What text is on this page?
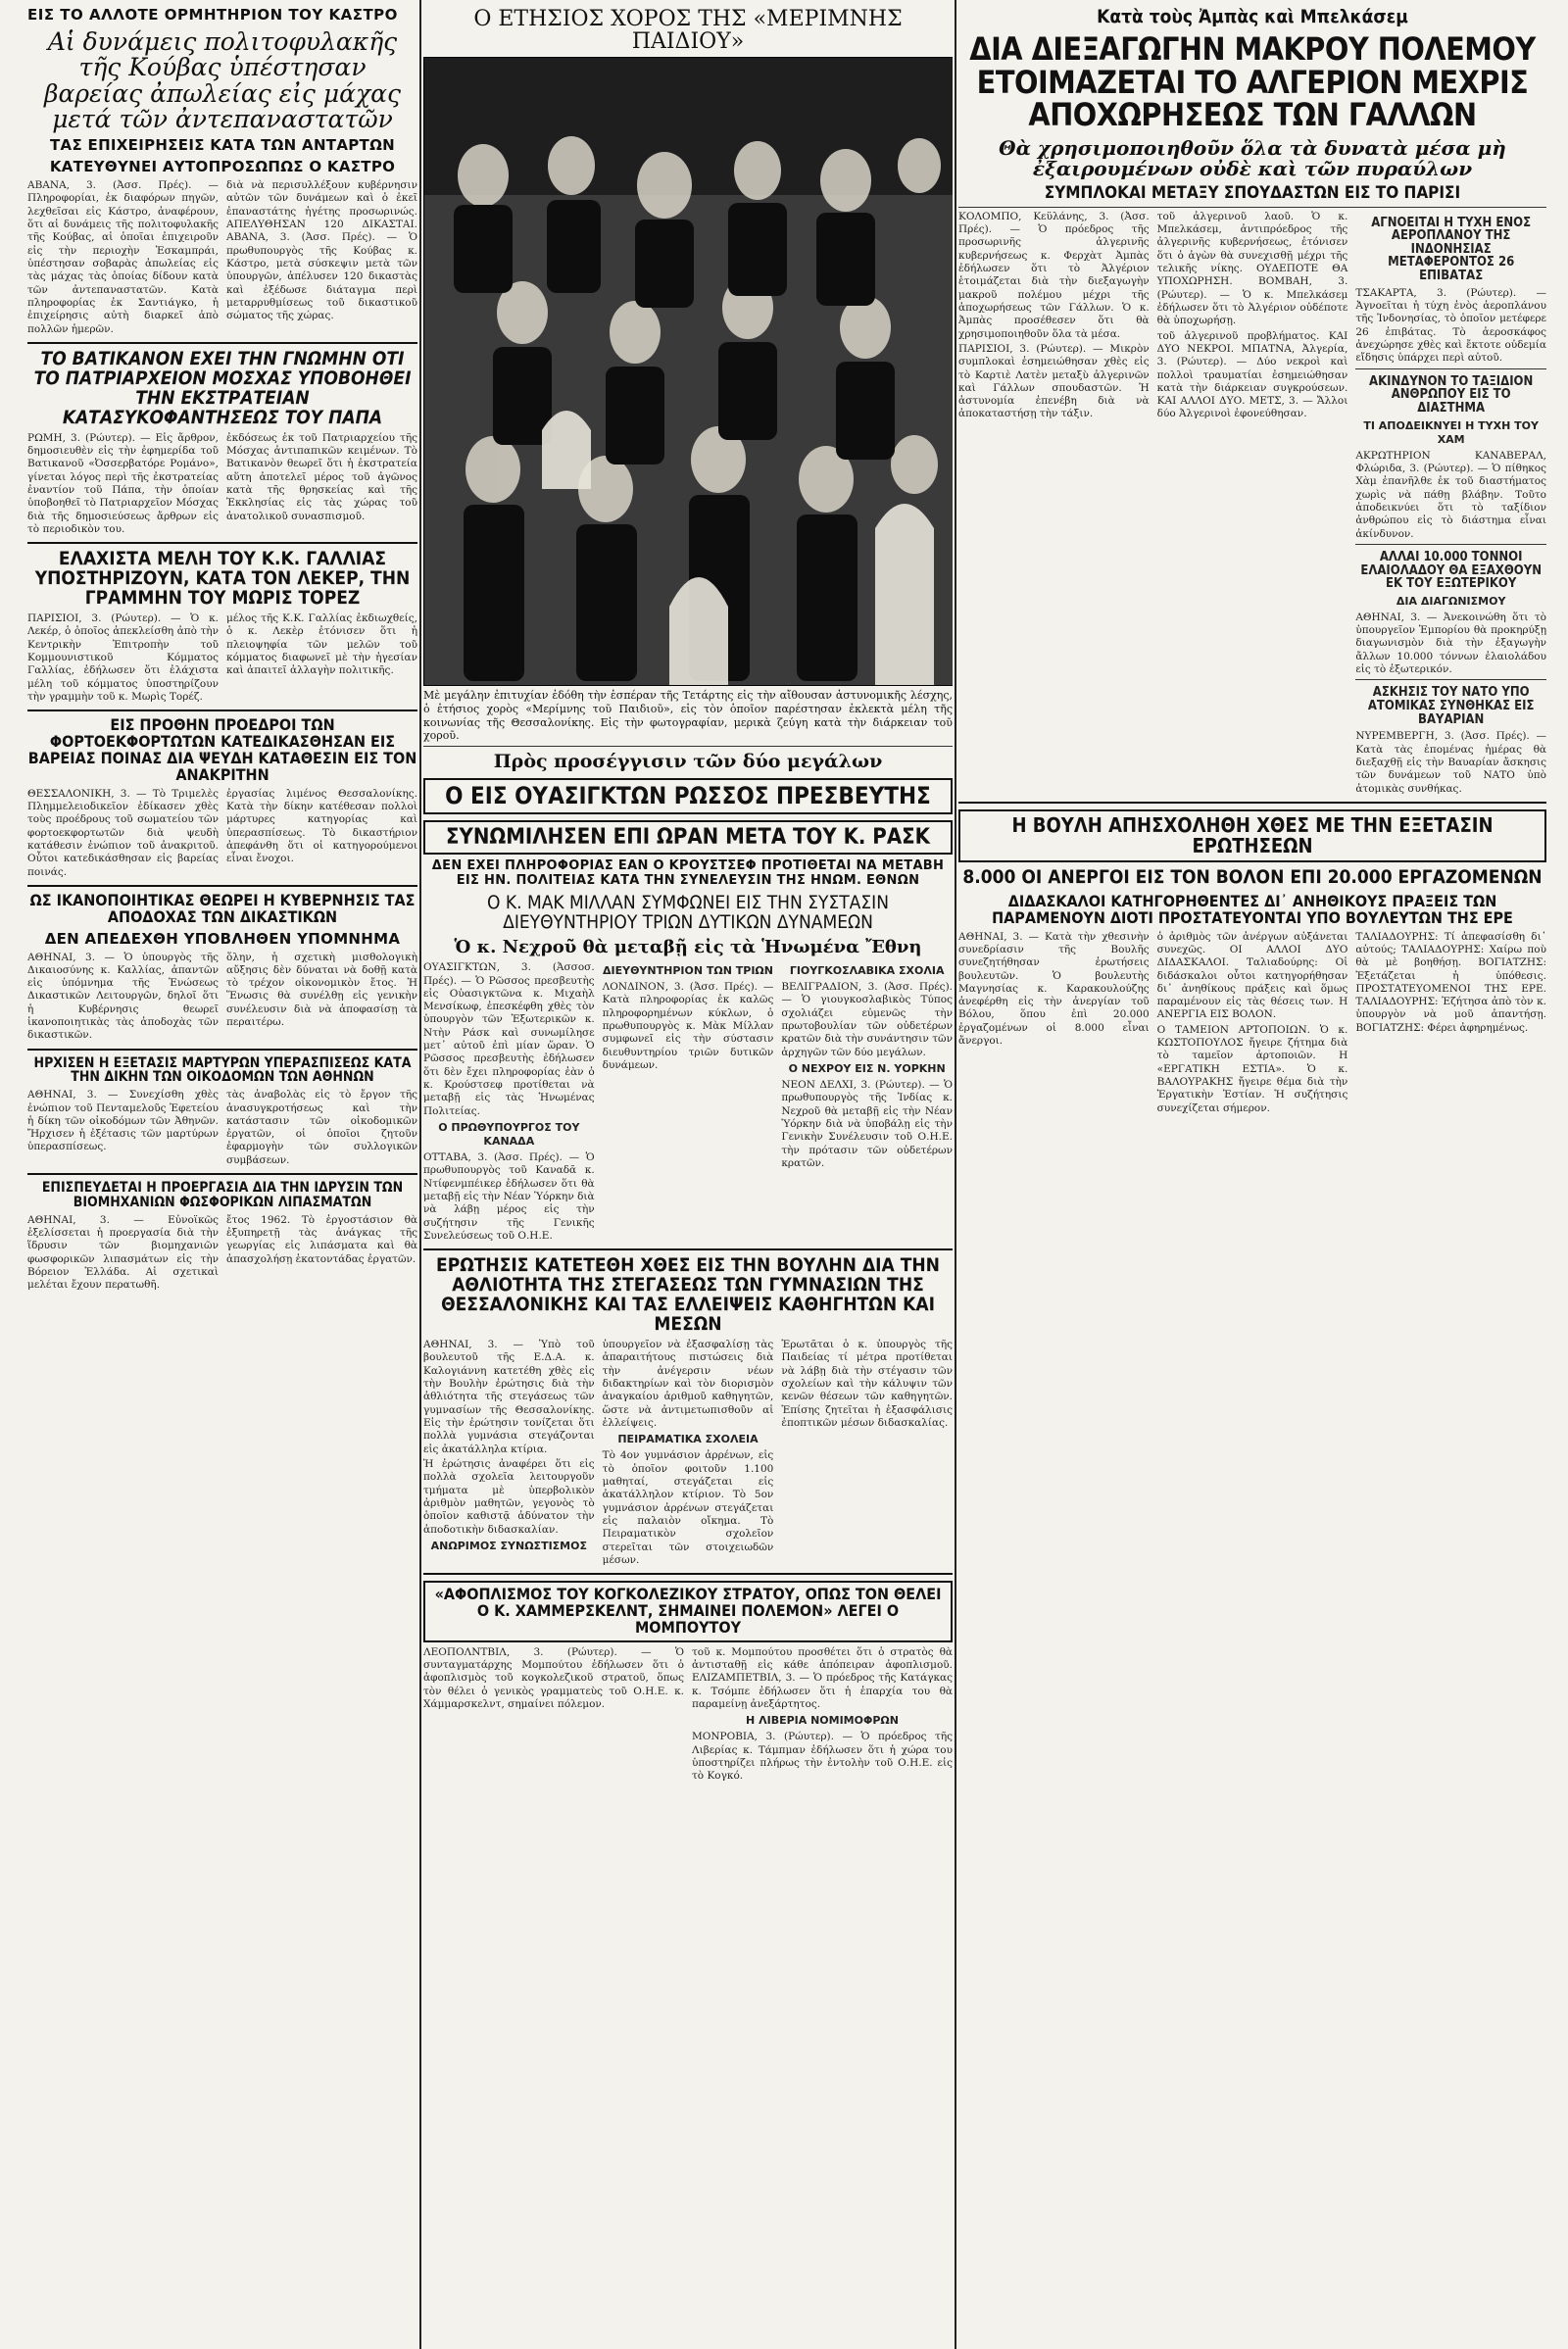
ΕΙΣ ΤΟ ΑΛΛΟΤΕ ΟΡΜΗΤΗΡΙΟΝ ΤΟΥ ΚΑΣΤΡΟ
Αἱ δυνάμεις πολιτοφυλακῆς τῆς Κούβας ὑπέστησαν βαρείας ἀπωλείας εἰς μάχας μετά τῶν ἀντεπαναστατῶν
ΤΑΣ ΕΠΙΧΕΙΡΗΣΕΙΣ ΚΑΤΑ ΤΩΝ ΑΝΤΑΡΤΩΝ
ΚΑΤΕΥΘΥΝΕΙ ΑΥΤΟΠΡΟΣΩΠΩΣ Ο ΚΑΣΤΡΟ
ΑΒΑΝΑ, 3. (Ἀσσ. Πρές). — Πληροφορίαι, ἐκ διαφόρων πηγῶν, λεχθεῖσαι εἰς Κάστρο, ἀναφέρουν, ὅτι αἱ δυνάμεις τῆς πολιτοφυλακῆς τῆς Κούβας, αἱ ὁποῖαι ἐπιχειροῦν εἰς τὴν περιοχὴν Ἐσκαμπράι, ὑπέστησαν σοβαρὰς ἀπωλείας εἰς τὰς μάχας τὰς ὁποίας δίδουν κατὰ τῶν ἀντεπαναστατῶν. Κατὰ πληροφορίας ἐκ Σαντιάγκο, ἡ ἐπιχείρησις αὐτὴ διαρκεῖ ἀπὸ πολλῶν ἡμερῶν.
διὰ νὰ περισυλλέξουν κυβέρνησιν αὐτῶν τῶν δυνάμεων καὶ ὁ ἐκεῖ ἐπαναστάτης ἡγέτης προσωρινώς. ΑΠΕΛΥΘΗΣΑΝ 120 ΔΙΚΑΣΤΑΙ. ΑΒΑΝΑ, 3. (Ἀσσ. Πρές). — Ὁ πρωθυπουργὸς τῆς Κούβας κ. Κάστρο, μετὰ σύσκεψιν μετὰ τῶν ὑπουργῶν, ἀπέλυσεν 120 δικαστὰς καὶ ἐξέδωσε διάταγμα περὶ μεταρρυθμίσεως τοῦ δικαστικοῦ σώματος τῆς χώρας.
ΤΟ ΒΑΤΙΚΑΝΟΝ ΕΧΕΙ ΤΗΝ ΓΝΩΜΗΝ ΟΤΙ ΤΟ ΠΑΤΡΙΑΡΧΕΙΟΝ ΜΟΣΧΑΣ ΥΠΟΒΟΗΘΕΙ ΤΗΝ ΕΚΣΤΡΑΤΕΙΑΝ ΚΑΤΑΣΥΚΟΦΑΝΤΗΣΕΩΣ ΤΟΥ ΠΑΠΑ
ΡΩΜΗ, 3. (Ρώυτερ). — Εἰς ἄρθρον, δημοσιευθὲν εἰς τὴν ἐφημερίδα τοῦ Βατικανοῦ «Ὀσσερβατόρε Ρομάνο», γίνεται λόγος περὶ τῆς ἐκστρατείας ἐναντίον τοῦ Πάπα, τὴν ὁποίαν ὑποβοηθεῖ τὸ Πατριαρχεῖον Μόσχας διὰ τῆς δημοσιεύσεως ἄρθρων εἰς τὸ περιοδικὸν του.
ἐκδόσεως ἐκ τοῦ Πατριαρχείου τῆς Μόσχας ἀντιπαπικῶν κειμένων. Τὸ Βατικανὸν θεωρεῖ ὅτι ἡ ἐκστρατεία αὕτη ἀποτελεῖ μέρος τοῦ ἀγῶνος κατὰ τῆς θρησκείας καὶ τῆς Ἐκκλησίας εἰς τὰς χώρας τοῦ ἀνατολικοῦ συνασπισμοῦ.
ΕΛΑΧΙΣΤΑ ΜΕΛΗ ΤΟΥ Κ.Κ. ΓΑΛΛΙΑΣ ΥΠΟΣΤΗΡΙΖΟΥΝ, ΚΑΤΑ ΤΟΝ ΛΕΚΕΡ, ΤΗΝ ΓΡΑΜΜΗΝ ΤΟΥ ΜΩΡΙΣ ΤΟΡΕΖ
ΠΑΡΙΣΙΟΙ, 3. (Ρώυτερ). — Ὁ κ. Λεκέρ, ὁ ὁποῖος ἀπεκλείσθη ἀπὸ τὴν Κεντρικὴν Ἐπιτροπὴν τοῦ Κομμουνιστικοῦ Κόμματος Γαλλίας, ἐδήλωσεν ὅτι ἐλάχιστα μέλη τοῦ κόμματος ὑποστηρίζουν τὴν γραμμὴν τοῦ κ. Μωρὶς Τορέζ.
μέλος τῆς Κ.Κ. Γαλλίας ἐκδιωχθείς, ὁ κ. Λεκὲρ ἐτόνισεν ὅτι ἡ πλειοψηφία τῶν μελῶν τοῦ κόμματος διαφωνεῖ μὲ τὴν ἡγεσίαν καὶ ἀπαιτεῖ ἀλλαγὴν πολιτικῆς.
ΕΙΣ ΠΡΟΘΗΝ ΠΡΟΕΔΡΟΙ ΤΩΝ ΦΟΡΤΟΕΚΦΟΡΤΩΤΩΝ ΚΑΤΕΔΙΚΑΣΘΗΣΑΝ ΕΙΣ ΒΑΡΕΙΑΣ ΠΟΙΝΑΣ ΔΙΑ ΨΕΥΔΗ ΚΑΤΑΘΕΣΙΝ ΕΙΣ ΤΟΝ ΑΝΑΚΡΙΤΗΝ
ΘΕΣΣΑΛΟΝΙΚΗ, 3. — Τὸ Τριμελὲς Πλημμελειοδικεῖον ἐδίκασεν χθὲς τοὺς προέδρους τοῦ σωματείου τῶν φορτοεκφορτωτῶν διὰ ψευδὴ κατάθεσιν ἐνώπιον τοῦ ἀνακριτοῦ. Οὗτοι κατεδικάσθησαν εἰς βαρείας ποινάς.
ἐργασίας λιμένος Θεσσαλονίκης. Κατὰ τὴν δίκην κατέθεσαν πολλοὶ μάρτυρες κατηγορίας καὶ ὑπερασπίσεως. Τὸ δικαστήριον ἀπεφάνθη ὅτι οἱ κατηγορούμενοι εἶναι ἔνοχοι.
ΩΣ ΙΚΑΝΟΠΟΙΗΤΙΚΑΣ ΘΕΩΡΕΙ Η ΚΥΒΕΡΝΗΣΙΣ ΤΑΣ ΑΠΟΔΟΧΑΣ ΤΩΝ ΔΙΚΑΣΤΙΚΩΝ
ΔΕΝ ΑΠΕΔΕΧΘΗ ΥΠΟΒΛΗΘΕΝ ΥΠΟΜΝΗΜΑ
ΑΘΗΝΑΙ, 3. — Ὁ ὑπουργὸς τῆς Δικαιοσύνης κ. Καλλίας, ἀπαντῶν εἰς ὑπόμνημα τῆς Ἑνώσεως Δικαστικῶν Λειτουργῶν, δηλοῖ ὅτι ἡ Κυβέρνησις θεωρεῖ ἱκανοποιητικὰς τὰς ἀποδοχὰς τῶν δικαστικῶν.
ὅλην, ἡ σχετικὴ μισθολογικὴ αὔξησις δὲν δύναται νὰ δοθῇ κατὰ τὸ τρέχον οἰκονομικὸν ἔτος. Ἡ Ἕνωσις θὰ συνέλθῃ εἰς γενικὴν συνέλευσιν διὰ νὰ ἀποφασίσῃ τὰ περαιτέρω.
ΗΡΧΙΣΕΝ Η ΕΞΕΤΑΣΙΣ ΜΑΡΤΥΡΩΝ ΥΠΕΡΑΣΠΙΣΕΩΣ ΚΑΤΑ ΤΗΝ ΔΙΚΗΝ ΤΩΝ ΟΙΚΟΔΟΜΩΝ ΤΩΝ ΑΘΗΝΩΝ
ΑΘΗΝΑΙ, 3. — Συνεχίσθη χθὲς ἐνώπιον τοῦ Πενταμελοῦς Ἐφετείου ἡ δίκη τῶν οἰκοδόμων τῶν Ἀθηνῶν. Ἤρχισεν ἡ ἐξέτασις τῶν μαρτύρων ὑπερασπίσεως.
τὰς ἀναβολὰς εἰς τὸ ἔργον τῆς ἀνασυγκροτήσεως καὶ τὴν κατάστασιν τῶν οἰκοδομικῶν ἐργατῶν, οἱ ὁποῖοι ζητοῦν ἐφαρμογὴν τῶν συλλογικῶν συμβάσεων.
ΕΠΙΣΠΕΥΔΕΤΑΙ Η ΠΡΟΕΡΓΑΣΙΑ ΔΙΑ ΤΗΝ ΙΔΡΥΣΙΝ ΤΩΝ ΒΙΟΜΗΧΑΝΙΩΝ ΦΩΣΦΟΡΙΚΩΝ ΛΙΠΑΣΜΑΤΩΝ
ΑΘΗΝΑΙ, 3. — Εὐνοϊκῶς ἐξελίσσεται ἡ προεργασία διὰ τὴν ἵδρυσιν τῶν βιομηχανιῶν φωσφορικῶν λιπασμάτων εἰς τὴν Βόρειον Ἑλλάδα. Αἱ σχετικαὶ μελέται ἔχουν περατωθῆ.
ἔτος 1962. Τὸ ἐργοστάσιον θὰ ἐξυπηρετῇ τὰς ἀνάγκας τῆς γεωργίας εἰς λιπάσματα καὶ θὰ ἀπασχολήσῃ ἑκατοντάδας ἐργατῶν.
Ο ΕΤΗΣΙΟΣ ΧΟΡΟΣ ΤΗΣ «ΜΕΡΙΜΝΗΣ ΠΑΙΔΙΟΥ»
Μὲ μεγάλην ἐπιτυχίαν ἐδόθη τὴν ἑσπέραν τῆς Τετάρτης εἰς τὴν αἴθουσαν ἀστυνομικῆς λέσχης, ὁ ἐτήσιος χορὸς «Μερίμνης τοῦ Παιδιοῦ», εἰς τὸν ὁποῖον παρέστησαν ἐκλεκτὰ μέλη τῆς κοινωνίας τῆς Θεσσαλονίκης. Εἰς τὴν φωτογραφίαν, μερικὰ ζεύγη κατὰ τὴν διάρκειαν τοῦ χοροῦ.
Πρὸς προσέγγισιν τῶν δύο μεγάλων
Ο ΕΙΣ ΟΥΑΣΙΓΚΤΩΝ ΡΩΣΣΟΣ ΠΡΕΣΒΕΥΤΗΣ
ΣΥΝΩΜΙΛΗΣΕΝ ΕΠΙ ΩΡΑΝ ΜΕΤΑ ΤΟΥ Κ. ΡΑΣΚ
ΔΕΝ ΕΧΕΙ ΠΛΗΡΟΦΟΡΙΑΣ ΕΑΝ Ο ΚΡΟΥΣΤΣΕΦ ΠΡΟΤΙΘΕΤΑΙ ΝΑ ΜΕΤΑΒΗ ΕΙΣ ΗΝ. ΠΟΛΙΤΕΙΑΣ ΚΑΤΑ ΤΗΝ ΣΥΝΕΛΕΥΣΙΝ ΤΗΣ ΗΝΩΜ. ΕΘΝΩΝ
Ο Κ. ΜΑΚ ΜΙΛΛΑΝ ΣΥΜΦΩΝΕΙ ΕΙΣ ΤΗΝ ΣΥΣΤΑΣΙΝ ΔΙΕΥΘΥΝΤΗΡΙΟΥ ΤΡΙΩΝ ΔΥΤΙΚΩΝ ΔΥΝΑΜΕΩΝ
Ὁ κ. Νεχροῦ θὰ μεταβῇ εἰς τὰ Ἡνωμένα Ἔθνη
ΟΥΑΣΙΓΚΤΩΝ, 3. (Ἀσσοσ. Πρές). — Ὁ Ρῶσσος πρεσβευτὴς εἰς Οὐασιγκτῶνα κ. Μιχαὴλ Μενσίκωφ, ἐπεσκέφθη χθὲς τὸν ὑπουργὸν τῶν Ἐξωτερικῶν κ. Ντὴν Ράσκ καὶ συνωμίλησε μετ᾽ αὐτοῦ ἐπὶ μίαν ὥραν. Ὁ Ρῶσσος πρεσβευτὴς ἐδήλωσεν ὅτι δὲν ἔχει πληροφορίας ἐὰν ὁ κ. Κρούστσεφ προτίθεται νὰ μεταβῇ εἰς τὰς Ἡνωμένας Πολιτείας.
Ο ΠΡΩΘΥΠΟΥΡΓΟΣ ΤΟΥ ΚΑΝΑΔΑ
ΟΤΤΑΒΑ, 3. (Ἀσσ. Πρές). — Ὁ πρωθυπουργὸς τοῦ Καναδᾶ κ. Ντίφενμπέικερ ἐδήλωσεν ὅτι θὰ μεταβῇ εἰς τὴν Νέαν Ὑόρκην διὰ νὰ λάβῃ μέρος εἰς τὴν συζήτησιν τῆς Γενικῆς Συνελεύσεως τοῦ Ο.Η.Ε.
ΔΙΕΥΘΥΝΤΗΡΙΟΝ ΤΩΝ ΤΡΙΩΝ
ΛΟΝΔΙΝΟΝ, 3. (Ἀσσ. Πρές). — Κατὰ πληροφορίας ἐκ καλῶς πληροφορημένων κύκλων, ὁ πρωθυπουργὸς κ. Μὰκ Μίλλαν συμφωνεῖ εἰς τὴν σύστασιν διευθυντηρίου τριῶν δυτικῶν δυνάμεων.
ΓΙΟΥΓΚΟΣΛΑΒΙΚΑ ΣΧΟΛΙΑ
ΒΕΛΙΓΡΑΔΙΟΝ, 3. (Ἀσσ. Πρές). — Ὁ γιουγκοσλαβικὸς Τύπος σχολιάζει εὐμενῶς τὴν πρωτοβουλίαν τῶν οὐδετέρων κρατῶν διὰ τὴν συνάντησιν τῶν ἀρχηγῶν τῶν δύο μεγάλων.
Ο ΝΕΧΡΟΥ ΕΙΣ Ν. ΥΟΡΚΗΝ
ΝΕΟΝ ΔΕΛΧΙ, 3. (Ρώυτερ). — Ὁ πρωθυπουργὸς τῆς Ἰνδίας κ. Νεχροῦ θὰ μεταβῇ εἰς τὴν Νέαν Ὑόρκην διὰ νὰ ὑποβάλῃ εἰς τὴν Γενικὴν Συνέλευσιν τοῦ Ο.Η.Ε. τὴν πρότασιν τῶν οὐδετέρων κρατῶν.
ΕΡΩΤΗΣΙΣ ΚΑΤΕΤΕΘΗ ΧΘΕΣ ΕΙΣ ΤΗΝ ΒΟΥΛΗΝ ΔΙΑ ΤΗΝ ΑΘΛΙΟΤΗΤΑ ΤΗΣ ΣΤΕΓΑΣΕΩΣ ΤΩΝ ΓΥΜΝΑΣΙΩΝ ΤΗΣ ΘΕΣΣΑΛΟΝΙΚΗΣ ΚΑΙ ΤΑΣ ΕΛΛΕΙΨΕΙΣ ΚΑΘΗΓΗΤΩΝ ΚΑΙ ΜΕΣΩΝ
ΑΘΗΝΑΙ, 3. — Ὑπὸ τοῦ βουλευτοῦ τῆς Ε.Δ.Α. κ. Καλογιάννη κατετέθη χθὲς εἰς τὴν Βουλὴν ἐρώτησις διὰ τὴν ἀθλιότητα τῆς στεγάσεως τῶν γυμνασίων τῆς Θεσσαλονίκης. Εἰς τὴν ἐρώτησιν τονίζεται ὅτι πολλὰ γυμνάσια στεγάζονται εἰς ἀκατάλληλα κτίρια.
Ἡ ἐρώτησις ἀναφέρει ὅτι εἰς πολλὰ σχολεῖα λειτουργοῦν τμήματα μὲ ὑπερβολικὸν ἀριθμὸν μαθητῶν, γεγονὸς τὸ ὁποῖον καθιστᾷ ἀδύνατον τὴν ἀποδοτικὴν διδασκαλίαν.
ΑΝΩΡΙΜΟΣ ΣΥΝΩΣΤΙΣΜΟΣ
ὑπουργεῖον νὰ ἐξασφαλίσῃ τὰς ἀπαραιτήτους πιστώσεις διὰ τὴν ἀνέγερσιν νέων διδακτηρίων καὶ τὸν διορισμὸν ἀναγκαίου ἀριθμοῦ καθηγητῶν, ὥστε νὰ ἀντιμετωπισθοῦν αἱ ἐλλείψεις.
ΠΕΙΡΑΜΑΤΙΚΑ ΣΧΟΛΕΙΑ
Τὸ 4ον γυμνάσιον ἀρρένων, εἰς τὸ ὁποῖον φοιτοῦν 1.100 μαθηταί, στεγάζεται εἰς ἀκατάλληλον κτίριον. Τὸ 5ον γυμνάσιον ἀρρένων στεγάζεται εἰς παλαιὸν οἴκημα. Τὸ Πειραματικὸν σχολεῖον στερεῖται τῶν στοιχειωδῶν μέσων.
Ἐρωτᾶται ὁ κ. ὑπουργὸς τῆς Παιδείας τί μέτρα προτίθεται νὰ λάβῃ διὰ τὴν στέγασιν τῶν σχολείων καὶ τὴν κάλυψιν τῶν κενῶν θέσεων τῶν καθηγητῶν. Ἐπίσης ζητεῖται ἡ ἐξασφάλισις ἐποπτικῶν μέσων διδασκαλίας.
«ΑΦΟΠΛΙΣΜΟΣ ΤΟΥ ΚΟΓΚΟΛΕΖΙΚΟΥ ΣΤΡΑΤΟΥ, ΟΠΩΣ ΤΟΝ ΘΕΛΕΙ Ο Κ. ΧΑΜΜΕΡΣΚΕΛΝΤ, ΣΗΜΑΙΝΕΙ ΠΟΛΕΜΟΝ» ΛΕΓΕΙ Ο ΜΟΜΠΟΥΤΟΥ
ΛΕΟΠΟΛΝΤΒΙΛ, 3. (Ρώυτερ). — Ὁ συνταγματάρχης Μομπούτου ἐδήλωσεν ὅτι ὁ ἀφοπλισμὸς τοῦ κογκολεζικοῦ στρατοῦ, ὅπως τὸν θέλει ὁ γενικὸς γραμματεὺς τοῦ Ο.Η.Ε. κ. Χάμμαρσκελντ, σημαίνει πόλεμον.
τοῦ κ. Μομπούτου προσθέτει ὅτι ὁ στρατὸς θὰ ἀντισταθῇ εἰς κάθε ἀπόπειραν ἀφοπλισμοῦ. ΕΛΙΖΑΜΠΕΤΒΙΛ, 3. — Ὁ πρόεδρος τῆς Κατάγκας κ. Τσόμπε ἐδήλωσεν ὅτι ἡ ἐπαρχία του θὰ παραμείνῃ ἀνεξάρτητος.
Η ΛΙΒΕΡΙΑ ΝΟΜΙΜΟΦΡΩΝ
ΜΟΝΡΟΒΙΑ, 3. (Ρώυτερ). — Ὁ πρόεδρος τῆς Λιβερίας κ. Τάμπμαν ἐδήλωσεν ὅτι ἡ χώρα του ὑποστηρίζει πλήρως τὴν ἐντολὴν τοῦ Ο.Η.Ε. εἰς τὸ Κογκό.
Κατὰ τοὺς Ἀμπὰς καὶ Μπελκάσεμ
ΔΙΑ ΔΙΕΞΑΓΩΓΗΝ ΜΑΚΡΟΥ ΠΟΛΕΜΟΥ ΕΤΟΙΜΑΖΕΤΑΙ ΤΟ ΑΛΓΕΡΙΟΝ ΜΕΧΡΙΣ ΑΠΟΧΩΡΗΣΕΩΣ ΤΩΝ ΓΑΛΛΩΝ
Θὰ χρησιμοποιηθοῦν ὅλα τὰ δυνατὰ μέσα μὴ ἐξαιρουμένων οὐδὲ καὶ τῶν πυραύλων
ΣΥΜΠΛΟΚΑΙ ΜΕΤΑΞΥ ΣΠΟΥΔΑΣΤΩΝ ΕΙΣ ΤΟ ΠΑΡΙΣΙ
ΚΟΛΟΜΠΟ, Κεϋλάνης, 3. (Ἀσσ. Πρές). — Ὁ πρόεδρος τῆς προσωρινῆς ἀλγερινῆς κυβερνήσεως κ. Φερχὰτ Ἀμπὰς ἐδήλωσεν ὅτι τὸ Ἀλγέριον ἑτοιμάζεται διὰ τὴν διεξαγωγὴν μακροῦ πολέμου μέχρι τῆς ἀποχωρήσεως τῶν Γάλλων. Ὁ κ. Ἀμπὰς προσέθεσεν ὅτι θὰ χρησιμοποιηθοῦν ὅλα τὰ μέσα.
ΠΑΡΙΣΙΟΙ, 3. (Ρώυτερ). — Μικρὸν συμπλοκαὶ ἐσημειώθησαν χθὲς εἰς τὸ Καρτιὲ Λατὲν μεταξὺ ἀλγερινῶν καὶ Γάλλων σπουδαστῶν. Ἡ ἀστυνομία ἐπενέβη διὰ νὰ ἀποκαταστήσῃ τὴν τάξιν.
τοῦ ἀλγερινοῦ λαοῦ. Ὁ κ. Μπελκάσεμ, ἀντιπρόεδρος τῆς ἀλγερινῆς κυβερνήσεως, ἐτόνισεν ὅτι ὁ ἀγὼν θὰ συνεχισθῇ μέχρι τῆς τελικῆς νίκης. ΟΥΔΕΠΟΤΕ ΘΑ ΥΠΟΧΩΡΗΣΗ. ΒΟΜΒΑΗ, 3. (Ρώυτερ). — Ὁ κ. Μπελκάσεμ ἐδήλωσεν ὅτι τὸ Ἀλγέριον οὐδέποτε θὰ ὑποχωρήσῃ.
τοῦ ἀλγερινοῦ προβλήματος. ΚΑΙ ΔΥΟ ΝΕΚΡΟΙ. ΜΠΑΤΝΑ, Ἀλγερία, 3. (Ρώυτερ). — Δύο νεκροὶ καὶ πολλοὶ τραυματίαι ἐσημειώθησαν κατὰ τὴν διάρκειαν συγκρούσεων. ΚΑΙ ΑΛΛΟΙ ΔΥΟ. ΜΕΤΣ, 3. — Ἄλλοι δύο Ἀλγερινοὶ ἐφονεύθησαν.
ΑΓΝΟΕΙΤΑΙ Η ΤΥΧΗ ΕΝΟΣ ΑΕΡΟΠΛΑΝΟΥ ΤΗΣ ΙΝΔΟΝΗΣΙΑΣ ΜΕΤΑΦΕΡΟΝΤΟΣ 26 ΕΠΙΒΑΤΑΣ
ΤΣΑΚΑΡΤΑ, 3. (Ρώυτερ). — Ἀγνοεῖται ἡ τύχη ἑνὸς ἀεροπλάνου τῆς Ἰνδονησίας, τὸ ὁποῖον μετέφερε 26 ἐπιβάτας. Τὸ ἀεροσκάφος ἀνεχώρησε χθὲς καὶ ἔκτοτε οὐδεμία εἴδησις ὑπάρχει περὶ αὐτοῦ.
ΑΚΙΝΔΥΝΟΝ ΤΟ ΤΑΞΙΔΙΟΝ ΑΝΘΡΩΠΟΥ ΕΙΣ ΤΟ ΔΙΑΣΤΗΜΑ
ΤΙ ΑΠΟΔΕΙΚΝΥΕΙ Η ΤΥΧΗ ΤΟΥ ΧΑΜ
ΑΚΡΩΤΗΡΙΟΝ ΚΑΝΑΒΕΡΑΛ, Φλώριδα, 3. (Ρώυτερ). — Ὁ πίθηκος Χὰμ ἐπανῆλθε ἐκ τοῦ διαστήματος χωρὶς νὰ πάθῃ βλάβην. Τοῦτο ἀποδεικνύει ὅτι τὸ ταξίδιον ἀνθρώπου εἰς τὸ διάστημα εἶναι ἀκίνδυνον.
ΑΛΛΑΙ 10.000 ΤΟΝΝΟΙ ΕΛΑΙΟΛΑΔΟΥ ΘΑ ΕΞΑΧΘΟΥΝ ΕΚ ΤΟΥ ΕΞΩΤΕΡΙΚΟΥ
ΔΙΑ ΔΙΑΓΩΝΙΣΜΟΥ
ΑΘΗΝΑΙ, 3. — Ἀνεκοινώθη ὅτι τὸ ὑπουργεῖον Ἐμπορίου θὰ προκηρύξῃ διαγωνισμὸν διὰ τὴν ἐξαγωγὴν ἄλλων 10.000 τόννων ἐλαιολάδου εἰς τὸ ἐξωτερικόν.
ΑΣΚΗΣΙΣ ΤΟΥ ΝΑΤΟ ΥΠΟ ΑΤΟΜΙΚΑΣ ΣΥΝΘΗΚΑΣ ΕΙΣ ΒΑΥΑΡΙΑΝ
ΝΥΡΕΜΒΕΡΓΗ, 3. (Ἀσσ. Πρές). — Κατὰ τὰς ἐπομένας ἡμέρας θὰ διεξαχθῇ εἰς τὴν Βαυαρίαν ἄσκησις τῶν δυνάμεων τοῦ ΝΑΤΟ ὑπὸ ἀτομικὰς συνθήκας.
Η ΒΟΥΛΗ ΑΠΗΣΧΟΛΗΘΗ ΧΘΕΣ ΜΕ ΤΗΝ ΕΞΕΤΑΣΙΝ ΕΡΩΤΗΣΕΩΝ
8.000 ΟΙ ΑΝΕΡΓΟΙ ΕΙΣ ΤΟΝ ΒΟΛΟΝ ΕΠΙ 20.000 ΕΡΓΑΖΟΜΕΝΩΝ
ΔΙΔΑΣΚΑΛΟΙ ΚΑΤΗΓΟΡΗΘΕΝΤΕΣ ΔΙ᾽ ΑΝΗΘΙΚΟΥΣ ΠΡΑΞΕΙΣ ΤΩΝ ΠΑΡΑΜΕΝΟΥΝ ΔΙΟΤΙ ΠΡΟΣΤΑΤΕΥΟΝΤΑΙ ΥΠΟ ΒΟΥΛΕΥΤΩΝ ΤΗΣ ΕΡΕ
ΑΘΗΝΑΙ, 3. — Κατὰ τὴν χθεσινὴν συνεδρίασιν τῆς Βουλῆς συνεζητήθησαν ἐρωτήσεις βουλευτῶν. Ὁ βουλευτὴς Μαγνησίας κ. Καρακουλούζης ἀνεφέρθη εἰς τὴν ἀνεργίαν τοῦ Βόλου, ὅπου ἐπὶ 20.000 ἐργαζομένων οἱ 8.000 εἶναι ἄνεργοι.
ὁ ἀριθμὸς τῶν ἀνέργων αὐξάνεται συνεχῶς. ΟΙ ΑΛΛΟΙ ΔΥΟ ΔΙΔΑΣΚΑΛΟΙ. Ταλιαδούρης: Οἱ διδάσκαλοι οὗτοι κατηγορήθησαν δι᾽ ἀνηθίκους πράξεις καὶ ὅμως παραμένουν εἰς τὰς θέσεις των. Η ΑΝΕΡΓΙΑ ΕΙΣ ΒΟΛΟΝ.
Ο ΤΑΜΕΙΟΝ ΑΡΤΟΠΟΙΩΝ. Ὁ κ. ΚΩΣΤΟΠΟΥΛΟΣ ἤγειρε ζήτημα διὰ τὸ ταμεῖον ἀρτοποιῶν. Η «ΕΡΓΑΤΙΚΗ ΕΣΤΙΑ». Ὁ κ. ΒΑΛΟΥΡΑΚΗΣ ἤγειρε θέμα διὰ τὴν Ἐργατικὴν Ἑστίαν. Ἡ συζήτησις συνεχίζεται σήμερον.
ΤΑΛΙΑΔΟΥΡΗΣ: Τί ἀπεφασίσθη δι᾽ αὐτούς; ΤΑΛΙΑΔΟΥΡΗΣ: Χαίρω ποὺ θὰ μὲ βοηθήσῃ. ΒΟΓΙΑΤΖΗΣ: Ἐξετάζεται ἡ ὑπόθεσις. ΠΡΟΣΤΑΤΕΥΟΜΕΝΟΙ ΤΗΣ ΕΡΕ. ΤΑΛΙΑΔΟΥΡΗΣ: Ἐζήτησα ἀπὸ τὸν κ. ὑπουργὸν νὰ μοῦ ἀπαντήσῃ. ΒΟΓΙΑΤΖΗΣ: Φέρει ἀφηρημένως.
